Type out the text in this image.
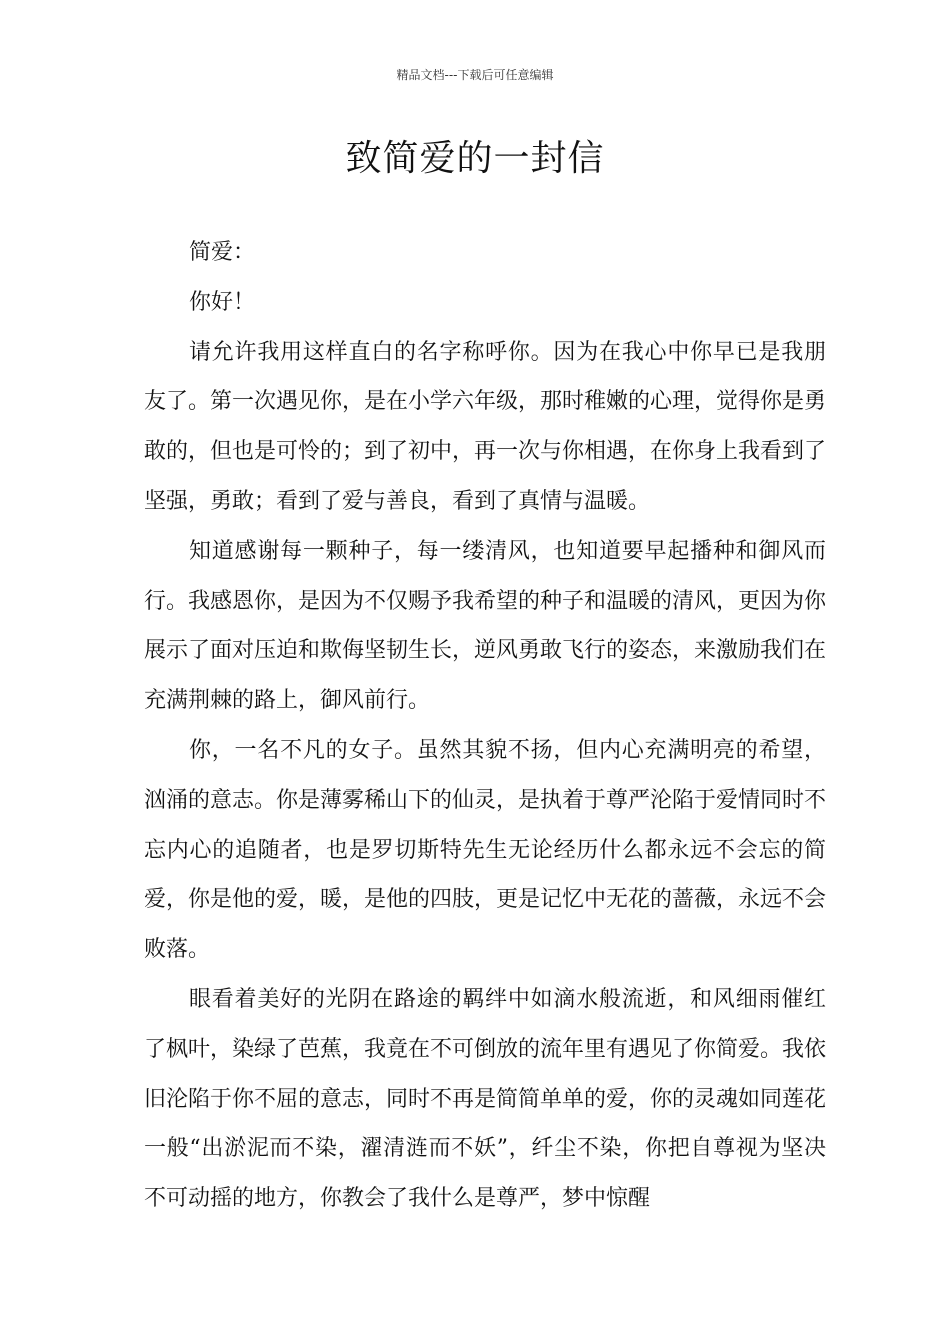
精品文档---下载后可任意编辑
致简爱的一封信

简爱：

你好！

请允许我用这样直白的名字称呼你。因为在我心中你早已是我朋友了。第一次遇见你，是在小学六年级，那时稚嫩的心理，觉得你是勇敢的，但也是可怜的；到了初中，再一次与你相遇，在你身上我看到了坚强，勇敢；看到了爱与善良，看到了真情与温暖。

知道感谢每一颗种子，每一缕清风，也知道要早起播种和御风而行。我感恩你，是因为不仅赐予我希望的种子和温暖的清风，更因为你展示了面对压迫和欺侮坚韧生长，逆风勇敢飞行的姿态，来激励我们在充满荆棘的路上，御风前行。

你，一名不凡的女子。虽然其貌不扬，但内心充满明亮的希望，汹涌的意志。你是薄雾稀山下的仙灵，是执着于尊严沦陷于爱情同时不忘内心的追随者，也是罗切斯特先生无论经历什么都永远不会忘的简爱，你是他的爱，暖，是他的四肢，更是记忆中无花的蔷薇，永远不会败落。

眼看着美好的光阴在路途的羁绊中如滴水般流逝，和风细雨催红了枫叶，染绿了芭蕉，我竟在不可倒放的流年里有遇见了你简爱。我依旧沦陷于你不屈的意志，同时不再是简简单单的爱，你的灵魂如同莲花一般“出淤泥而不染，濯清涟而不妖”，纤尘不染，你把自尊视为坚决不可动摇的地方，你教会了我什么是尊严，梦中惊醒
